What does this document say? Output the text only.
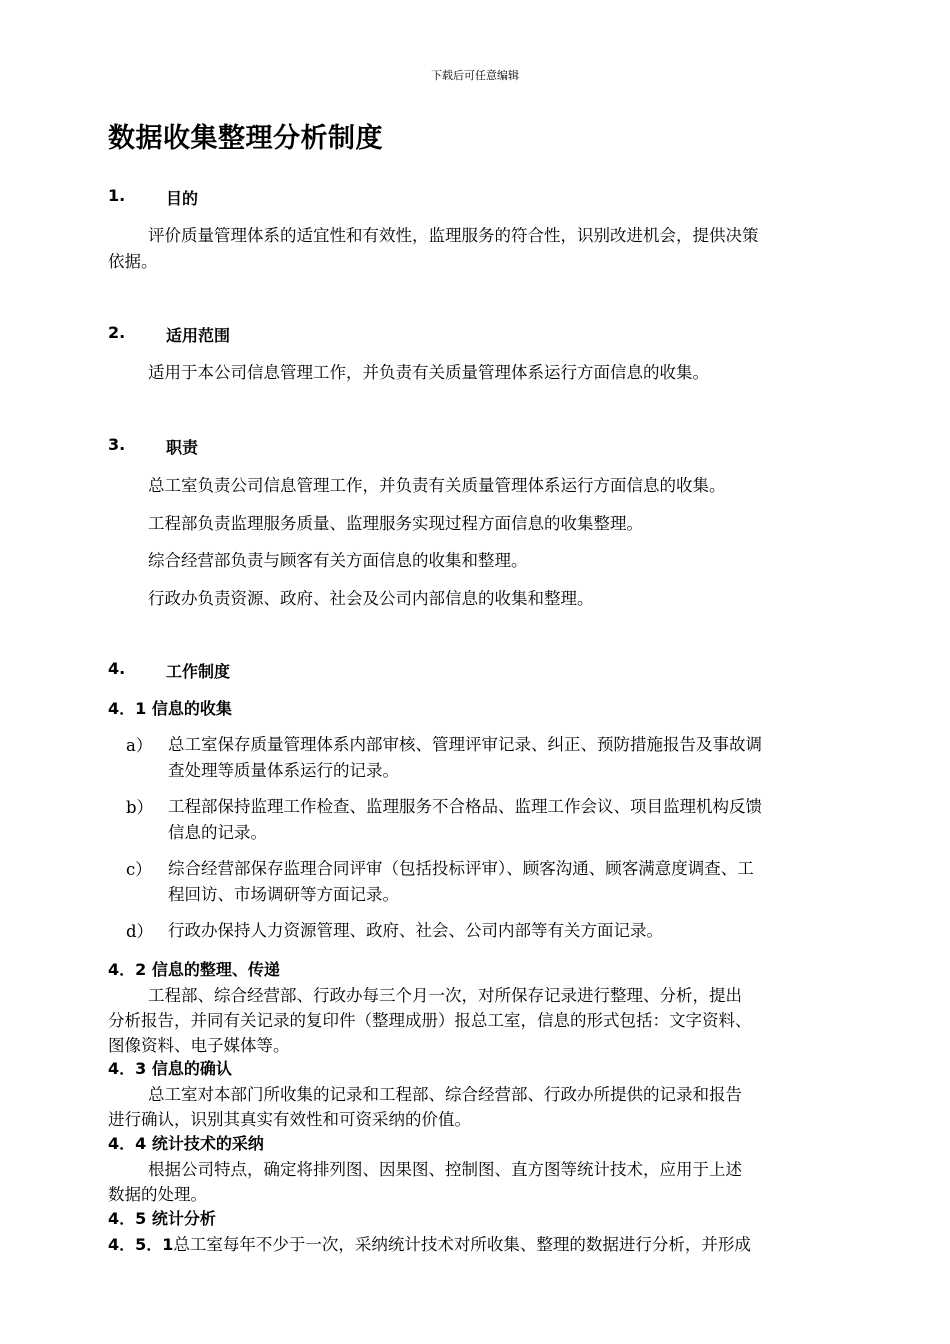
下载后可任意编辑
数据收集整理分析制度
1.	目的
评价质量管理体系的适宜性和有效性，监理服务的符合性，识别改进机会，提供决策
依据。
2.	适用范围
适用于本公司信息管理工作，并负责有关质量管理体系运行方面信息的收集。
3.	职责
总工室负责公司信息管理工作，并负责有关质量管理体系运行方面信息的收集。
工程部负责监理服务质量、监理服务实现过程方面信息的收集整理。
综合经营部负责与顾客有关方面信息的收集和整理。
行政办负责资源、政府、社会及公司内部信息的收集和整理。
4.	工作制度
4．1 信息的收集
a） 总工室保存质量管理体系内部审核、管理评审记录、纠正、预防措施报告及事故调
查处理等质量体系运行的记录。
b） 工程部保持监理工作检查、监理服务不合格品、监理工作会议、项目监理机构反馈
信息的记录。
c） 综合经营部保存监理合同评审（包括投标评审）、顾客沟通、顾客满意度调查、工
程回访、市场调研等方面记录。
d） 行政办保持人力资源管理、政府、社会、公司内部等有关方面记录。
4．2 信息的整理、传递
工程部、综合经营部、行政办每三个月一次，对所保存记录进行整理、分析，提出
分析报告，并同有关记录的复印件（整理成册）报总工室，信息的形式包括：文字资料、
图像资料、电子媒体等。
4．3 信息的确认
总工室对本部门所收集的记录和工程部、综合经营部、行政办所提供的记录和报告
进行确认，识别其真实有效性和可资采纳的价值。
4．4 统计技术的采纳
根据公司特点，确定将排列图、因果图、控制图、直方图等统计技术，应用于上述
数据的处理。
4．5 统计分析
4．5．1总工室每年不少于一次，采纳统计技术对所收集、整理的数据进行分析，并形成
